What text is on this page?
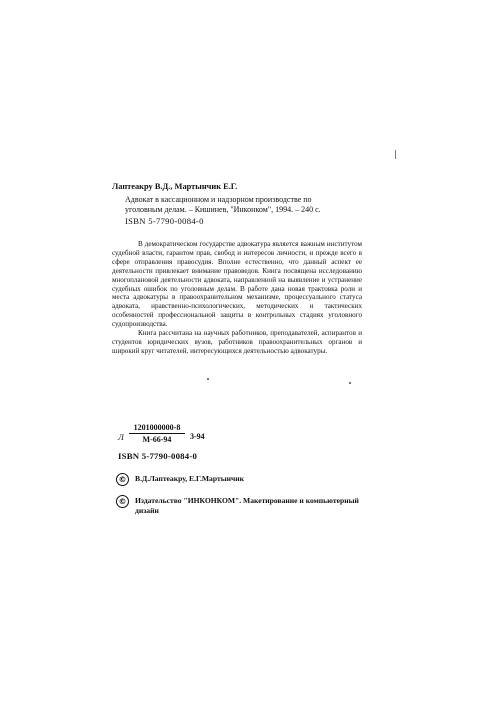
Лаптеакру В.Д., Мартынчик Е.Г.
Адвокат в кассационном и надзорном производстве по
уголовным делам. – Кишинев, "Инконком", 1994. – 240 с.
ISBN 5-7790-0084-0

В демократическом государстве адвокатура является важным институтом судебной власти, гарантом прав, свобод и интересов личности, и прежде всего в сфере отправления правосудия. Вполне естественно, что данный аспект ее деятельности привлекает внимание правоведов. Книга посвящена исследованию многоплановой деятельности адвоката, направленной на выявление и устранение судебных ошибок по уголовным делам. В работе дана новая трактовка роли и места адвокатуры в правоохранительном механизме, процессуального статуса адвоката, нравственно-психологических, методических и тактических особенностей профессиональной защиты в контрольных стадиях уголовного судопроизводства.

Книга рассчитана на научных работников, преподавателей, аспирантов и студентов юридических вузов, работников правоохранительных органов и широкий круг читателей, интересующихся деятельностью адвокатуры.

Л
1201000000-8
М-66-94	3-94
ISBN 5-7790-0084-0
©	В.Д.Лаптеакру, Е.Г.Мартынчик
©	Издательство "ИНКОНКОМ". Макетирование и компьютерный дизайн
